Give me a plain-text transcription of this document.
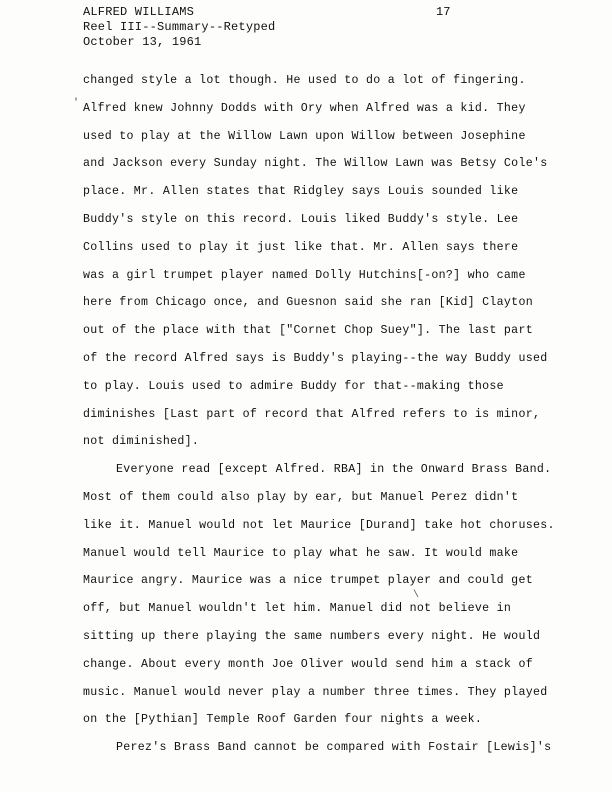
ALFRED WILLIAMS
Reel III--Summary--Retyped
October 13, 1961
17
'
\
changed style a lot though. He used to do a lot of fingering.
Alfred knew Johnny Dodds with Ory when Alfred was a kid. They
used to play at the Willow Lawn upon Willow between Josephine
and Jackson every Sunday night. The Willow Lawn was Betsy Cole's
place. Mr. Allen states that Ridgley says Louis sounded like
Buddy's style on this record. Louis liked Buddy's style. Lee
Collins used to play it just like that. Mr. Allen says there
was a girl trumpet player named Dolly Hutchins[-on?] who came
here from Chicago once, and Guesnon said she ran [Kid] Clayton
out of the place with that ["Cornet Chop Suey"]. The last part
of the record Alfred says is Buddy's playing--the way Buddy used
to play. Louis used to admire Buddy for that--making those
diminishes [Last part of record that Alfred refers to is minor,
not diminished].
Everyone read [except Alfred. RBA] in the Onward Brass Band.
Most of them could also play by ear, but Manuel Perez didn't
like it. Manuel would not let Maurice [Durand] take hot choruses.
Manuel would tell Maurice to play what he saw. It would make
Maurice angry. Maurice was a nice trumpet player and could get
off, but Manuel wouldn't let him. Manuel did not believe in
sitting up there playing the same numbers every night. He would
change. About every month Joe Oliver would send him a stack of
music. Manuel would never play a number three times. They played
on the [Pythian] Temple Roof Garden four nights a week.
Perez's Brass Band cannot be compared with Fostair [Lewis]'s
